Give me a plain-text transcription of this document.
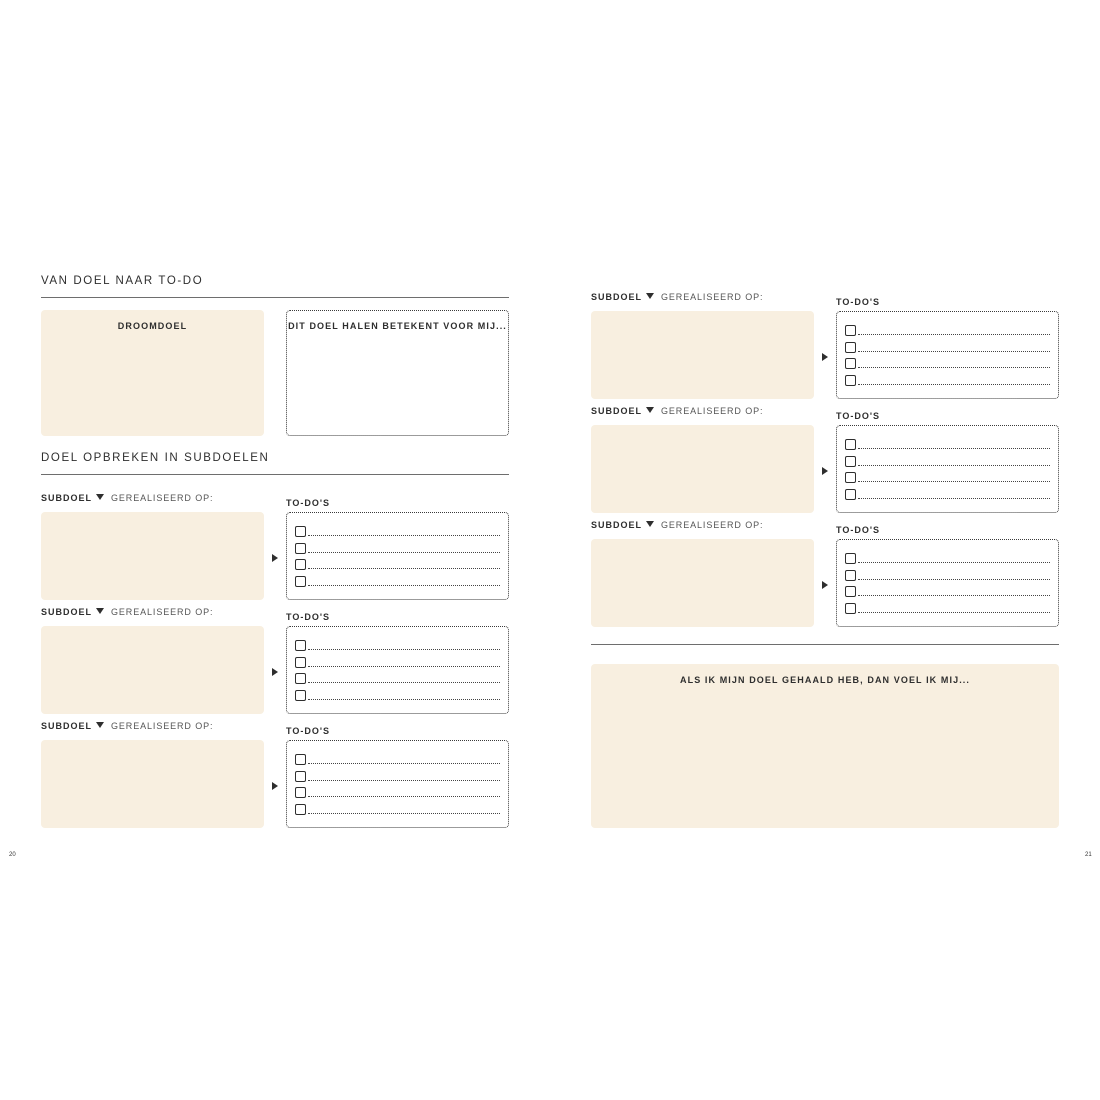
VAN DOEL NAAR TO-DO
DROOMDOEL	DIT DOEL HALEN BETEKENT VOOR MIJ...
DOEL OPBREKEN IN SUBDOELEN
20
ALS IK MIJN DOEL GEHAALD HEB, DAN VOEL IK MIJ...
21
SUBDOEL	GEREALISEERD OP:	TO-DO'S
SUBDOEL	GEREALISEERD OP:	TO-DO'S
SUBDOEL	GEREALISEERD OP:	TO-DO'S
SUBDOEL	GEREALISEERD OP:	TO-DO'S
SUBDOEL	GEREALISEERD OP:	TO-DO'S
SUBDOEL	GEREALISEERD OP:	TO-DO'S
